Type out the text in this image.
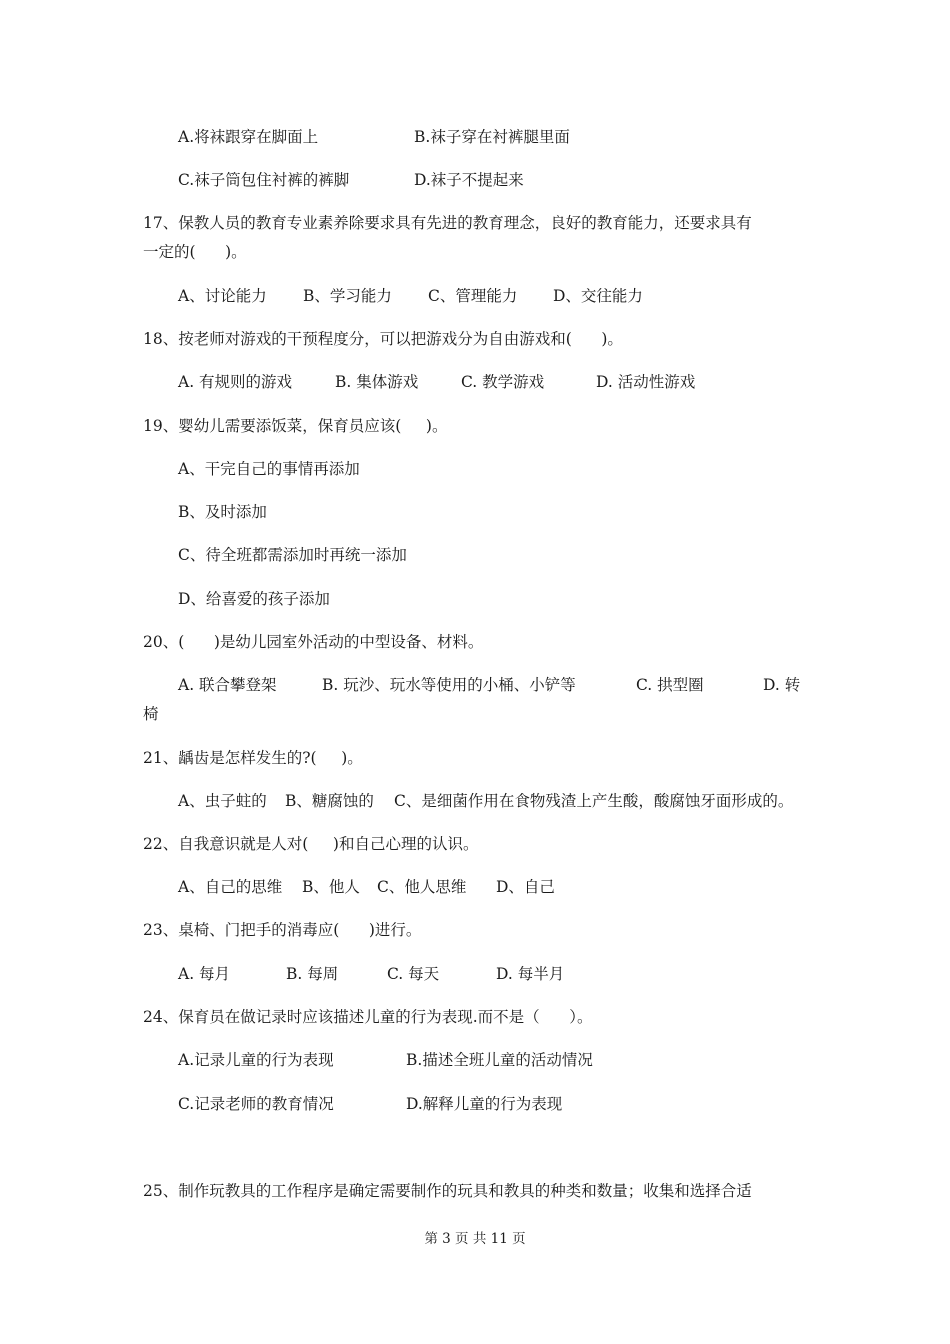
A.将袜跟穿在脚面上	B.袜子穿在衬裤腿里面
C.袜子筒包住衬裤的裤脚	D.袜子不提起来
17、保教人员的教育专业素养除要求具有先进的教育理念，良好的教育能力，还要求具有
一定的(      )。
A、讨论能力 B、学习能力 C、管理能力 D、交往能力
18、按老师对游戏的干预程度分，可以把游戏分为自由游戏和(      )。
A. 有规则的游戏	B. 集体游戏	C. 教学游戏	D. 活动性游戏
19、婴幼儿需要添饭菜，保育员应该(     )。
A、干完自己的事情再添加
B、及时添加
C、待全班都需添加时再统一添加
D、给喜爱的孩子添加
20、(      )是幼儿园室外活动的中型设备、材料。
A. 联合攀登架	B. 玩沙、玩水等使用的小桶、小铲等	C. 拱型圈	D. 转
椅
21、龋齿是怎样发生的?(     )。
A、虫子蛀的 B、糖腐蚀的 C、是细菌作用在食物残渣上产生酸，酸腐蚀牙面形成的。
22、自我意识就是人对(     )和自己心理的认识。
A、自己的思维 B、他人 C、他人思维 D、自己
23、桌椅、门把手的消毒应(      )进行。
A. 每月	B. 每周	C. 每天	D. 每半月
24、保育员在做记录时应该描述儿童的行为表现.而不是（      ）。
A.记录儿童的行为表现	B.描述全班儿童的活动情况
C.记录老师的教育情况	D.解释儿童的行为表现
25、制作玩教具的工作程序是确定需要制作的玩具和教具的种类和数量；收集和选择合适
第 3 页 共 11 页
